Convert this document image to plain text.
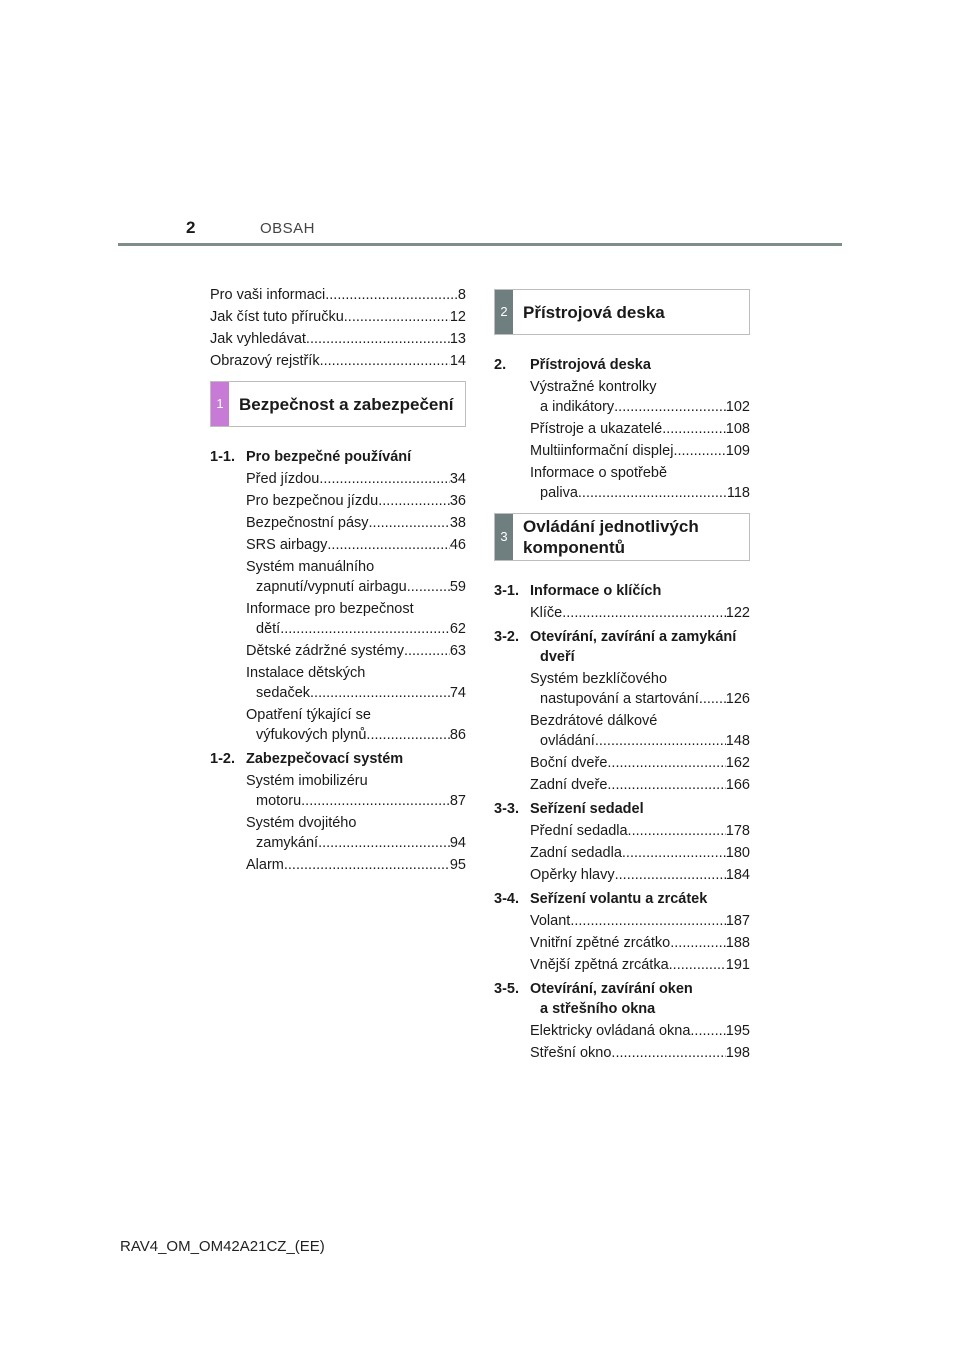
2	OBSAH
Pro vaši informaci .....	8
Jak číst tuto příručku .....	12
Jak vyhledávat .....	13
Obrazový rejstřík .....	14
1 Bezpečnost a zabezpečení
1-1. Pro bezpečné používání
Před jízdou .....	34
Pro bezpečnou jízdu .....	36
Bezpečnostní pásy .....	38
SRS airbagy .....	46
Systém manuálního
zapnutí/vypnutí airbagu .....	59
Informace pro bezpečnost
dětí .....	62
Dětské zádržné systémy .....	63
Instalace dětských
sedaček .....	74
Opatření týkající se
výfukových plynů .....	86
1-2. Zabezpečovací systém
Systém imobilizéru
motoru .....	87
Systém dvojitého
zamykání .....	94
Alarm .....	95
2 Přístrojová deska
2. Přístrojová deska
Výstražné kontrolky
a indikátory .....	102
Přístroje a ukazatelé .....	108
Multiinformační displej .....	109
Informace o spotřebě
paliva .....	118
3
Ovládání jednotlivých
komponentů
3-1. Informace o klíčích
Klíče .....	122
3-2. Otevírání, zavírání a zamykání
dveří
Systém bezklíčového
nastupování a startování ..... 126
Bezdrátové dálkové
ovládání .....	148
Boční dveře .....	162
Zadní dveře .....	166
3-3. Seřízení sedadel
Přední sedadla .....	178
Zadní sedadla .....	180
Opěrky hlavy .....	184
3-4. Seřízení volantu a zrcátek
Volant .....	187
Vnitřní zpětné zrcátko .....	188
Vnější zpětná zrcátka .....	191
3-5. Otevírání, zavírání oken
a střešního okna
Elektricky ovládaná okna ..... 195
Střešní okno .....	198
RAV4_OM_OM42A21CZ_(EE)
